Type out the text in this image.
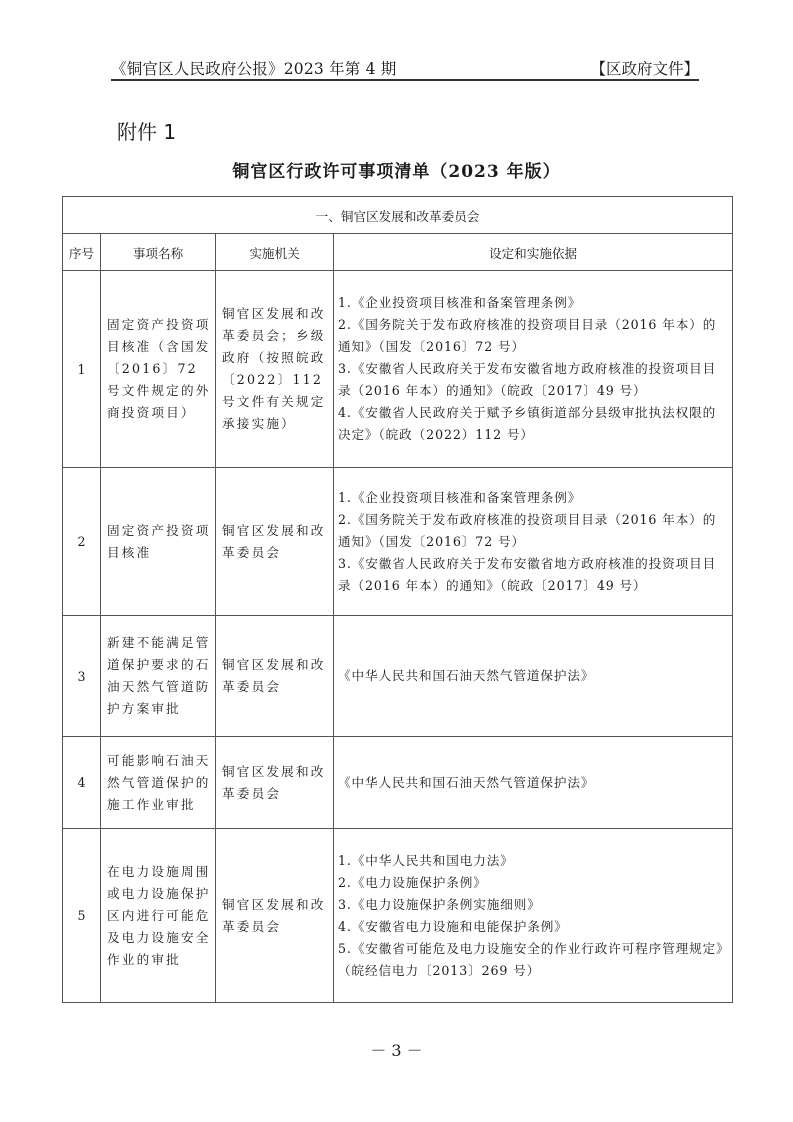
《铜官区人民政府公报》2023 年第 4 期	【区政府文件】
附件 1
铜官区行政许可事项清单（2023 年版）
一、铜官区发展和改革委员会			
序号	事项名称	实施机关	设定和实施依据
1	固定资产投资项目核准（含国发〔2016〕72 号文件规定的外商投资项目）	铜官区发展和改革委员会；乡级政府（按照皖政〔2022〕112 号文件有关规定承接实施）	1.《企业投资项目核准和备案管理条例》
2.《国务院关于发布政府核准的投资项目目录（2016 年本）的通知》（国发〔2016〕72 号）
3.《安徽省人民政府关于发布安徽省地方政府核准的投资项目目录（2016 年本）的通知》（皖政〔2017〕49 号）
4.《安徽省人民政府关于赋予乡镇街道部分县级审批执法权限的决定》（皖政（2022）112 号）

2	固定资产投资项目核准	铜官区发展和改革委员会	1.《企业投资项目核准和备案管理条例》
2.《国务院关于发布政府核准的投资项目目录（2016 年本）的通知》（国发〔2016〕72 号）
3.《安徽省人民政府关于发布安徽省地方政府核准的投资项目目录（2016 年本）的通知》（皖政〔2017〕49 号）

3	新建不能满足管道保护要求的石油天然气管道防护方案审批	铜官区发展和改革委员会	《中华人民共和国石油天然气管道保护法》

4	可能影响石油天然气管道保护的施工作业审批	铜官区发展和改革委员会	《中华人民共和国石油天然气管道保护法》

5	在电力设施周围或电力设施保护区内进行可能危及电力设施安全作业的审批	铜官区发展和改革委员会	1.《中华人民共和国电力法》
2.《电力设施保护条例》
3.《电力设施保护条例实施细则》
4.《安徽省电力设施和电能保护条例》
5.《安徽省可能危及电力设施安全的作业行政许可程序管理规定》（皖经信电力〔2013〕269 号）
－ 3 －
